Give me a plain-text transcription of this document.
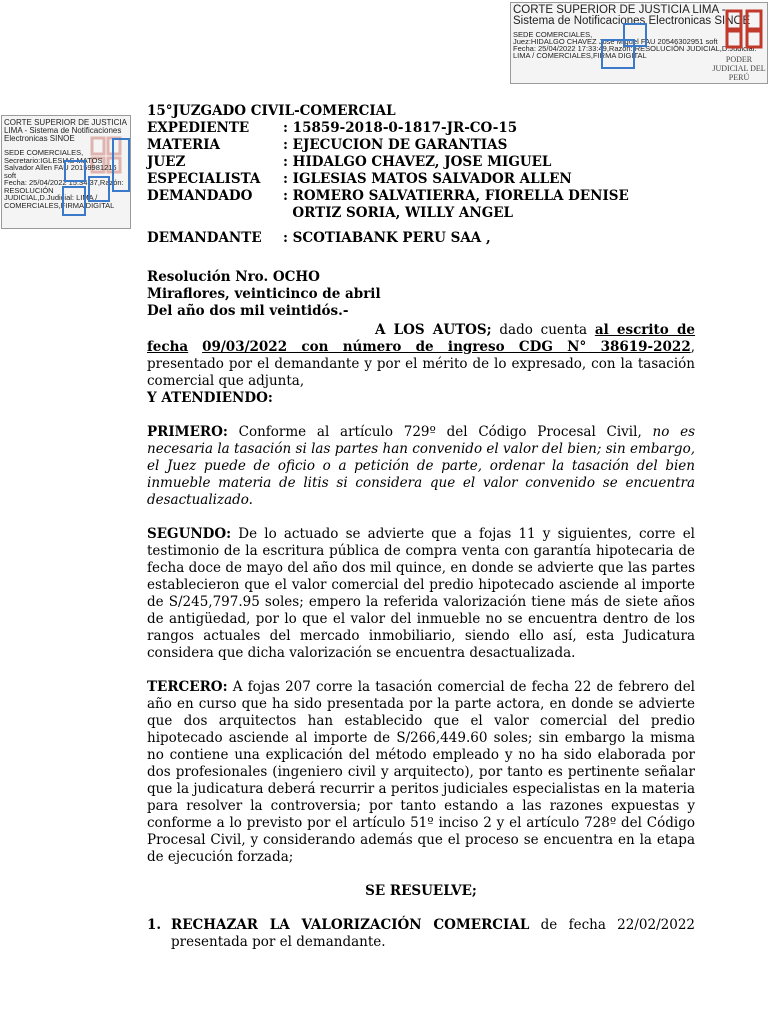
CORTE SUPERIOR DE JUSTICIA LIMA - Sistema de Notificaciones Electronicas SINOE
SEDE COMERCIALES,
Juez:HIDALGO CHAVEZ Jose Miguel FAU 20546302951 soft
Fecha: 25/04/2022 17:33:49,Razón: RESOLUCIÓN JUDICIAL,D.Judicial:
LIMA / COMERCIALES,FIRMA DIGITAL	PODER JUDICIAL DEL PERÚ
CORTE SUPERIOR DE JUSTICIA LIMA - Sistema de Notificaciones Electronicas SINOE
SEDE COMERCIALES,
Secretario:IGLESIAS MATOS
Salvador Allen FAU 20159981216
soft
Fecha: 25/04/2022 15:34:37,Razón:
RESOLUCIÓN
JUDICIAL,D.Judicial: LIMA /
COMERCIALES,FIRMA DIGITAL
15°JUZGADO CIVIL-COMERCIAL
EXPEDIENTE	: 15859-2018-0-1817-JR-CO-15
MATERIA	: EJECUCION DE GARANTIAS
JUEZ	: HIDALGO CHAVEZ, JOSE MIGUEL
ESPECIALISTA	: IGLESIAS MATOS SALVADOR ALLEN
DEMANDADO	: ROMERO SALVATIERRA, FIORELLA DENISE
ORTIZ SORIA, WILLY ANGEL
DEMANDANTE	: SCOTIABANK PERU SAA ,
Resolución Nro. OCHO
Miraflores, veinticinco de abril
Del año dos mil veintidós.-
A LOS AUTOS; dado cuenta al escrito de fecha 09/03/2022 con número de ingreso CDG N° 38619-2022, presentado por el demandante y por el mérito de lo expresado, con la tasación comercial que adjunta,
Y ATENDIENDO:
PRIMERO: Conforme al artículo 729º del Código Procesal Civil, no es necesaria la tasación si las partes han convenido el valor del bien; sin embargo, el Juez puede de oficio o a petición de parte, ordenar la tasación del bien inmueble materia de litis si considera que el valor convenido se encuentra desactualizado.
SEGUNDO: De lo actuado se advierte que a fojas 11 y siguientes, corre el testimonio de la escritura pública de compra venta con garantía hipotecaria de fecha doce de mayo del año dos mil quince, en donde se advierte que las partes establecieron que el valor comercial del predio hipotecado asciende al importe de S/245,797.95 soles; empero la referida valorización tiene más de siete años de antigüedad, por lo que el valor del inmueble no se encuentra dentro de los rangos actuales del mercado inmobiliario, siendo ello así, esta Judicatura considera que dicha valorización se encuentra desactualizada.
TERCERO: A fojas 207 corre la tasación comercial de fecha 22 de febrero del año en curso que ha sido presentada por la parte actora, en donde se advierte que dos arquitectos han establecido que el valor comercial del predio hipotecado asciende al importe de S/266,449.60 soles; sin embargo la misma no contiene una explicación del método empleado y no ha sido elaborada por dos profesionales (ingeniero civil y arquitecto), por tanto es pertinente señalar que la judicatura deberá recurrir a peritos judiciales especialistas en la materia para resolver la controversia; por tanto estando a las razones expuestas y conforme a lo previsto por el artículo 51º inciso 2 y el artículo 728º del Código Procesal Civil, y considerando además que el proceso se encuentra en la etapa de ejecución forzada;
SE RESUELVE;
1. RECHAZAR LA VALORIZACIÓN COMERCIAL de fecha 22/02/2022 presentada por el demandante.
